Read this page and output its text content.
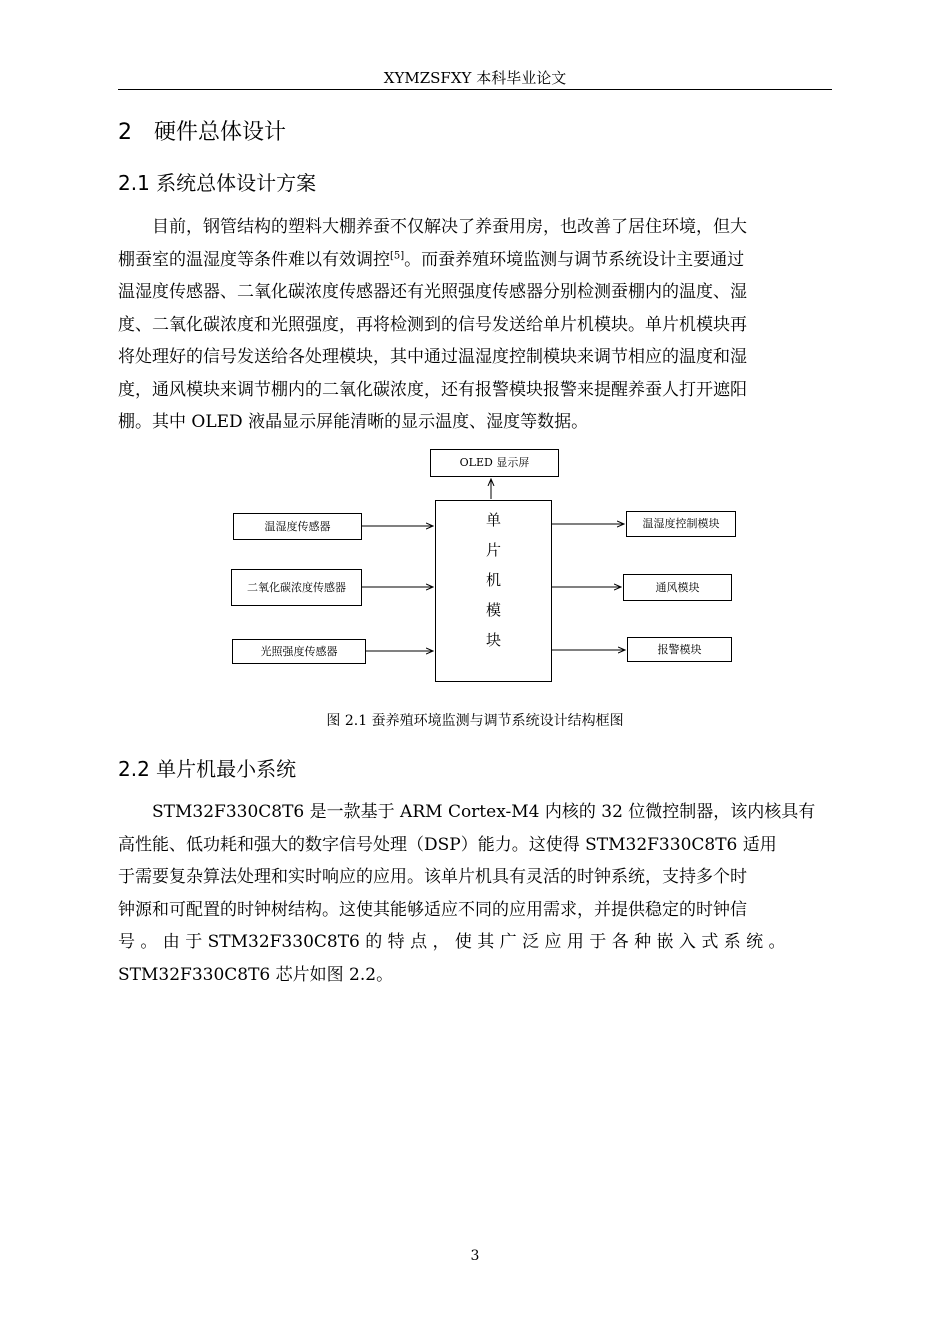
XYMZSFXY 本科毕业论文
2　硬件总体设计
2.1 系统总体设计方案
目前，钢管结构的塑料大棚养蚕不仅解决了养蚕用房，也改善了居住环境，但大
棚蚕室的温湿度等条件难以有效调控[5]。而蚕养殖环境监测与调节系统设计主要通过
温湿度传感器、二氧化碳浓度传感器还有光照强度传感器分别检测蚕棚内的温度、湿
度、二氧化碳浓度和光照强度，再将检测到的信号发送给单片机模块。单片机模块再
将处理好的信号发送给各处理模块，其中通过温湿度控制模块来调节相应的温度和湿
度，通风模块来调节棚内的二氧化碳浓度，还有报警模块报警来提醒养蚕人打开遮阳
棚。其中 OLED 液晶显示屏能清晰的显示温度、湿度等数据。
OLED 显示屏
单
片
机
模
块
温湿度传感器
二氧化碳浓度传感器
光照强度传感器
温湿度控制模块
通风模块
报警模块
图 2.1 蚕养殖环境监测与调节系统设计结构框图
2.2 单片机最小系统
STM32F330C8T6 是一款基于 ARM Cortex-M4 内核的 32 位微控制器，该内核具有
高性能、低功耗和强大的数字信号处理（DSP）能力。这使得 STM32F330C8T6 适用
于需要复杂算法处理和实时响应的应用。该单片机具有灵活的时钟系统，支持多个时
钟源和可配置的时钟树结构。这使其能够适应不同的应用需求，并提供稳定的时钟信
号 。 由 于 STM32F330C8T6 的 特 点 ， 使 其 广 泛 应 用 于 各 种 嵌 入 式 系 统 。
STM32F330C8T6 芯片如图 2.2。
3
